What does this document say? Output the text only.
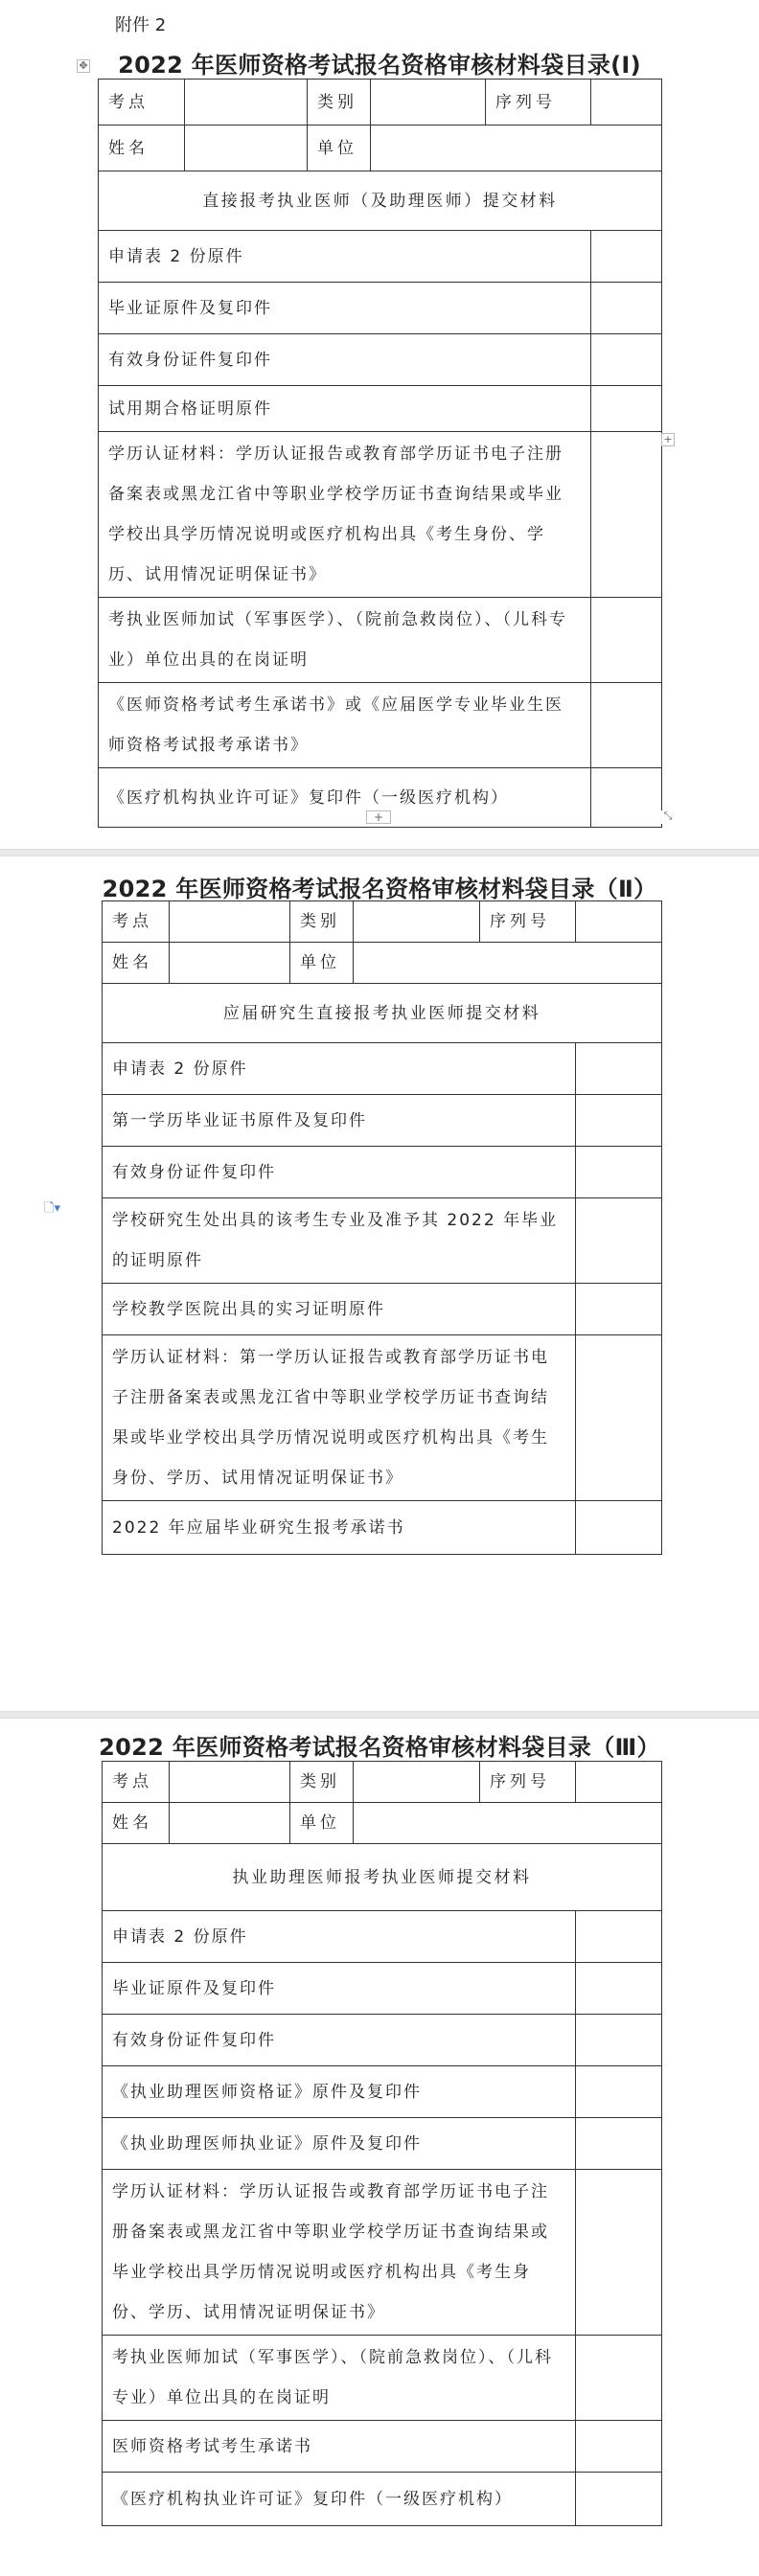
附件 2
2022 年医师资格考试报名资格审核材料袋目录(Ⅰ)
✥
考点		类别		序列号	
姓名		单位			
直接报考执业医师（及助理医师）提交材料					
申请表 2 份原件					
毕业证原件及复印件					
有效身份证件复印件					
试用期合格证明原件					
学历认证材料：学历认证报告或教育部学历证书电子注册备案表或黑龙江省中等职业学校学历证书查询结果或毕业学校出具学历情况说明或医疗机构出具《考生身份、学历、试用情况证明保证书》					
考执业医师加试（军事医学）、（院前急救岗位）、（儿科专业）单位出具的在岗证明					
《医师资格考试考生承诺书》或《应届医学专业毕业生医师资格考试报考承诺书》					
《医疗机构执业许可证》复印件（一级医疗机构）					
+
+	⤡
2022 年医师资格考试报名资格审核材料袋目录（Ⅱ）
🗋▾
考点		类别		序列号	
姓名		单位			
应届研究生直接报考执业医师提交材料					
申请表 2 份原件					
第一学历毕业证书原件及复印件					
有效身份证件复印件					
学校研究生处出具的该考生专业及准予其 2022 年毕业的证明原件					
学校教学医院出具的实习证明原件					
学历认证材料：第一学历认证报告或教育部学历证书电子注册备案表或黑龙江省中等职业学校学历证书查询结果或毕业学校出具学历情况说明或医疗机构出具《考生身份、学历、试用情况证明保证书》					
2022 年应届毕业研究生报考承诺书					
2022 年医师资格考试报名资格审核材料袋目录（Ⅲ）
考点		类别		序列号	
姓名		单位			
执业助理医师报考执业医师提交材料					
申请表 2 份原件					
毕业证原件及复印件					
有效身份证件复印件					
《执业助理医师资格证》原件及复印件					
《执业助理医师执业证》原件及复印件					
学历认证材料：学历认证报告或教育部学历证书电子注册备案表或黑龙江省中等职业学校学历证书查询结果或毕业学校出具学历情况说明或医疗机构出具《考生身份、学历、试用情况证明保证书》					
考执业医师加试（军事医学）、（院前急救岗位）、（儿科专业）单位出具的在岗证明					
医师资格考试考生承诺书					
《医疗机构执业许可证》复印件（一级医疗机构）					
